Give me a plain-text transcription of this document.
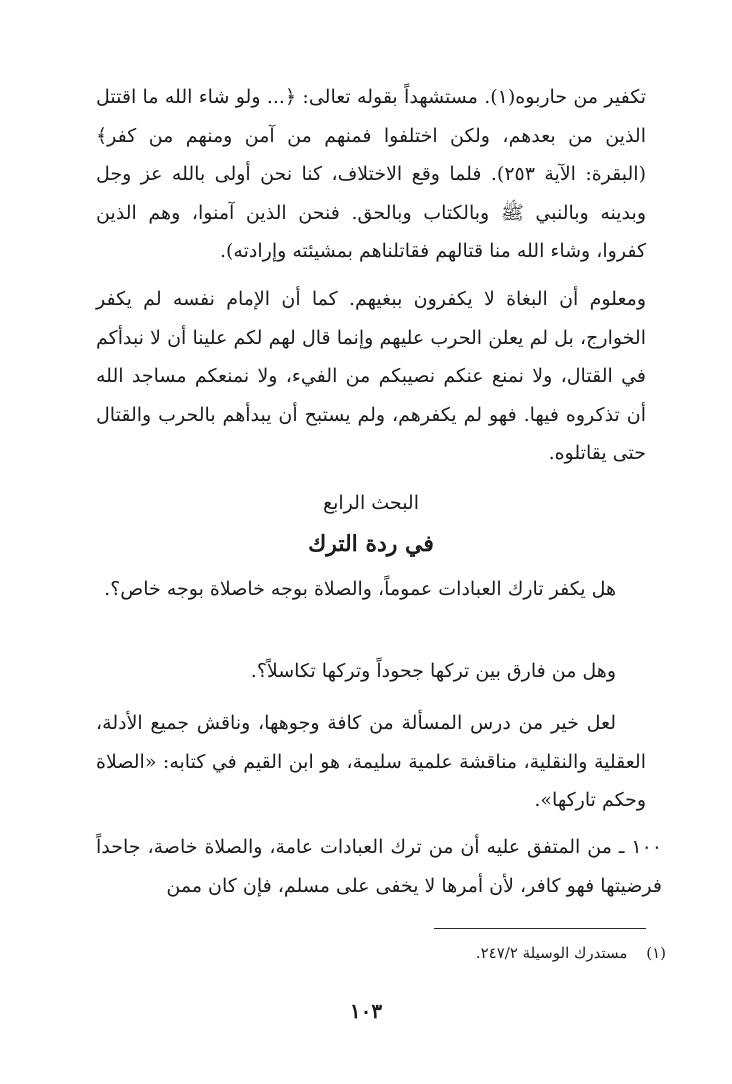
تكفير من حاربوه(١). مستشهداً بقوله تعالى: ﴿... ولو شاء الله ما اقتتل الذين من بعدهم، ولكن اختلفوا فمنهم من آمن ومنهم من كفر﴾ (البقرة: الآية ٢٥٣). فلما وقع الاختلاف، كنا نحن أولى بالله عز وجل وبدينه وبالنبي ﷺ وبالكتاب وبالحق. فنحن الذين آمنوا، وهم الذين كفروا، وشاء الله منا قتالهم فقاتلناهم بمشيئته وإرادته).

ومعلوم أن البغاة لا يكفرون ببغيهم. كما أن الإمام نفسه لم يكفر الخوارج، بل لم يعلن الحرب عليهم وإنما قال لهم لكم علينا أن لا نبدأكم في القتال، ولا نمنع عنكم نصيبكم من الفيء، ولا نمنعكم مساجد الله أن تذكروه فيها. فهو لم يكفرهم، ولم يستبح أن يبدأهم بالحرب والقتال حتى يقاتلوه.

البحث الرابع
في ردة الترك

هل يكفر تارك العبادات عموماً، والصلاة بوجه خاصلاة بوجه خاص؟.

وهل من فارق بين تركها جحوداً وتركها تكاسلاً؟.

لعل خير من درس المسألة من كافة وجوهها، وناقش جميع الأدلة، العقلية والنقلية، مناقشة علمية سليمة، هو ابن القيم في كتابه: «الصلاة وحكم تاركها».

١٠٠ ـ من المتفق عليه أن من ترك العبادات عامة، والصلاة خاصة، جاحداً فرضيتها فهو كافر، لأن أمرها لا يخفى على مسلم، فإن كان ممن

(١) مستدرك الوسيلة ٢٤٧/٢.
١٠٣
